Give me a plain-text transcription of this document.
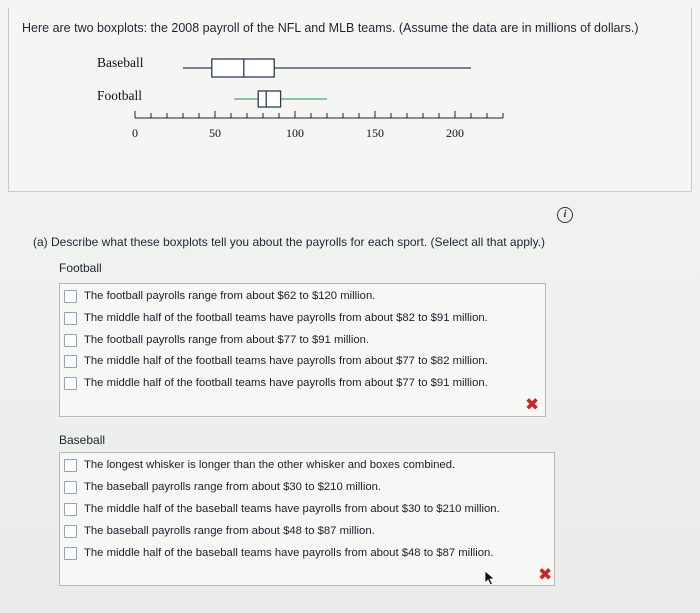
Here are two boxplots: the 2008 payroll of the NFL and MLB teams. (Assume the data are in millions of dollars.)
Baseball
Football
0	50	100	150	200
i
(a) Describe what these boxplots tell you about the payrolls for each sport. (Select all that apply.)
Football
The football payrolls range from about $62 to $120 million.
The middle half of the football teams have payrolls from about $82 to $91 million.
The football payrolls range from about $77 to $91 million.
The middle half of the football teams have payrolls from about $77 to $82 million.
The middle half of the football teams have payrolls from about $77 to $91 million.
✖
Baseball
The longest whisker is longer than the other whisker and boxes combined.
The baseball payrolls range from about $30 to $210 million.
The middle half of the baseball teams have payrolls from about $30 to $210 million.
The baseball payrolls range from about $48 to $87 million.
The middle half of the baseball teams have payrolls from about $48 to $87 million.
✖
